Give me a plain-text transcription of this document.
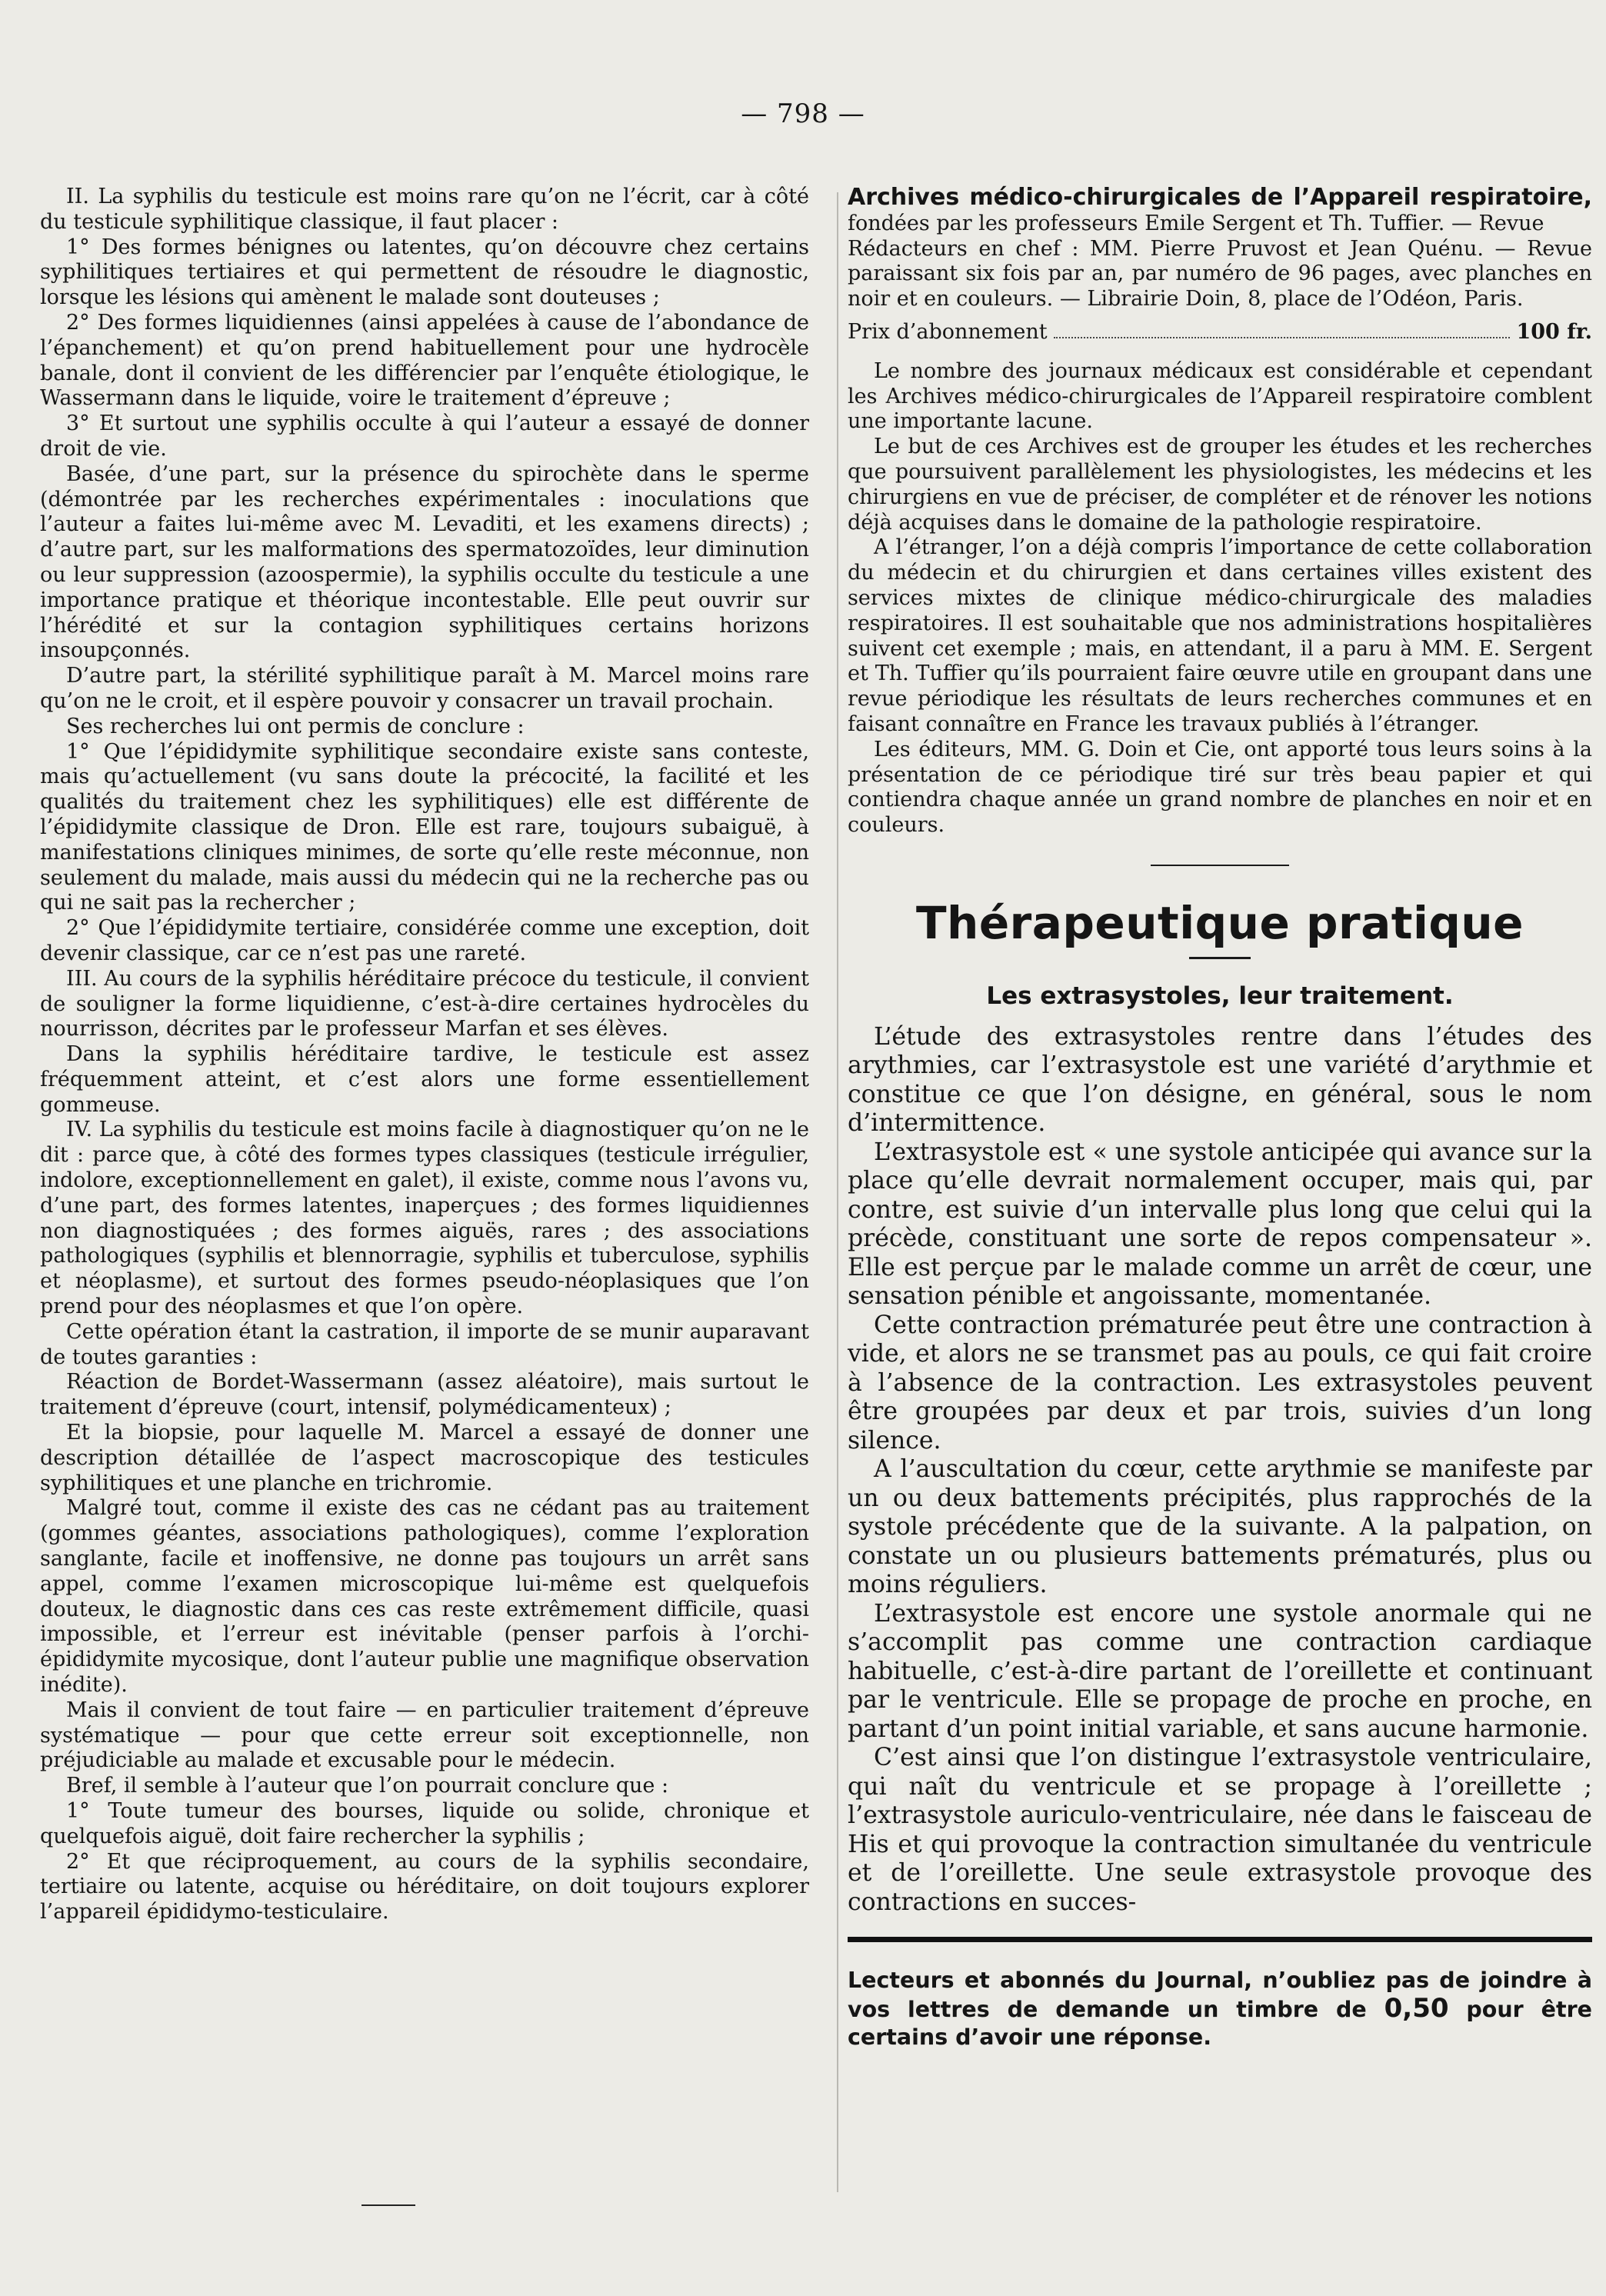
— 798 —

II. La syphilis du testicule est moins rare qu’on ne l’écrit, car à côté du testicule syphilitique classique, il faut placer :

1° Des formes bénignes ou latentes, qu’on découvre chez certains syphilitiques tertiaires et qui permettent de résoudre le diagnostic, lorsque les lésions qui amènent le malade sont douteuses ;

2° Des formes liquidiennes (ainsi appelées à cause de l’abondance de l’épanchement) et qu’on prend habituellement pour une hydrocèle banale, dont il convient de les différencier par l’enquête étiologique, le Wassermann dans le liquide, voire le traitement d’épreuve ;

3° Et surtout une syphilis occulte à qui l’auteur a essayé de donner droit de vie.

Basée, d’une part, sur la présence du spirochète dans le sperme (démontrée par les recherches expérimentales : inoculations que l’auteur a faites lui-même avec M. Levaditi, et les examens directs) ; d’autre part, sur les malformations des spermatozoïdes, leur diminution ou leur suppression (azoospermie), la syphilis occulte du testicule a une importance pratique et théorique incontestable. Elle peut ouvrir sur l’hérédité et sur la contagion syphilitiques certains horizons insoupçonnés.

D’autre part, la stérilité syphilitique paraît à M. Marcel moins rare qu’on ne le croit, et il espère pouvoir y consacrer un travail prochain.

Ses recherches lui ont permis de conclure :

1° Que l’épididymite syphilitique secondaire existe sans conteste, mais qu’actuellement (vu sans doute la précocité, la facilité et les qualités du traitement chez les syphilitiques) elle est différente de l’épididymite classique de Dron. Elle est rare, toujours subaiguë, à manifestations cliniques minimes, de sorte qu’elle reste méconnue, non seulement du malade, mais aussi du médecin qui ne la recherche pas ou qui ne sait pas la rechercher ;

2° Que l’épididymite tertiaire, considérée comme une exception, doit devenir classique, car ce n’est pas une rareté.

III. Au cours de la syphilis héréditaire précoce du testicule, il convient de souligner la forme liquidienne, c’est-à-dire certaines hydrocèles du nourrisson, décrites par le professeur Marfan et ses élèves.

Dans la syphilis héréditaire tardive, le testicule est assez fréquemment atteint, et c’est alors une forme essentiellement gommeuse.

IV. La syphilis du testicule est moins facile à diagnostiquer qu’on ne le dit : parce que, à côté des formes types classiques (testicule irrégulier, indolore, exceptionnellement en galet), il existe, comme nous l’avons vu, d’une part, des formes latentes, inaperçues ; des formes liquidiennes non diagnostiquées ; des formes aiguës, rares ; des associations pathologiques (syphilis et blennorragie, syphilis et tuberculose, syphilis et néoplasme), et surtout des formes pseudo-néoplasiques que l’on prend pour des néoplasmes et que l’on opère.

Cette opération étant la castration, il importe de se munir auparavant de toutes garanties :

Réaction de Bordet-Wassermann (assez aléatoire), mais surtout le traitement d’épreuve (court, intensif, polymédicamenteux) ;

Et la biopsie, pour laquelle M. Marcel a essayé de donner une description détaillée de l’aspect macroscopique des testicules syphilitiques et une planche en trichromie.

Malgré tout, comme il existe des cas ne cédant pas au traitement (gommes géantes, associations pathologiques), comme l’exploration sanglante, facile et inoffensive, ne donne pas toujours un arrêt sans appel, comme l’examen microscopique lui-même est quelquefois douteux, le diagnostic dans ces cas reste extrêmement difficile, quasi impossible, et l’erreur est inévitable (penser parfois à l’orchi-épididymite mycosique, dont l’auteur publie une magnifique observation inédite).

Mais il convient de tout faire — en particulier traitement d’épreuve systématique — pour que cette erreur soit exceptionnelle, non préjudiciable au malade et excusable pour le médecin.

Bref, il semble à l’auteur que l’on pourrait conclure que :

1° Toute tumeur des bourses, liquide ou solide, chronique et quelquefois aiguë, doit faire rechercher la syphilis ;

2° Et que réciproquement, au cours de la syphilis secondaire, tertiaire ou latente, acquise ou héréditaire, on doit toujours explorer l’appareil épididymo-testiculaire.

Archives médico-chirurgicales de l’Appareil respiratoire, fondées par les professeurs Emile Sergent et Th. Tuffier. — Revue

Rédacteurs en chef : MM. Pierre Pruvost et Jean Quénu. — Revue paraissant six fois par an, par numéro de 96 pages, avec planches en noir et en couleurs. — Librairie Doin, 8, place de l’Odéon, Paris.

Prix d’abonnement	100 fr.

Le nombre des journaux médicaux est considérable et cependant les Archives médico-chirurgicales de l’Appareil respiratoire comblent une importante lacune.

Le but de ces Archives est de grouper les études et les recherches que poursuivent parallèlement les physiologistes, les médecins et les chirurgiens en vue de préciser, de compléter et de rénover les notions déjà acquises dans le domaine de la pathologie respiratoire.

A l’étranger, l’on a déjà compris l’importance de cette collaboration du médecin et du chirurgien et dans certaines villes existent des services mixtes de clinique médico-chirurgicale des maladies respiratoires. Il est souhaitable que nos administrations hospitalières suivent cet exemple ; mais, en attendant, il a paru à MM. E. Sergent et Th. Tuffier qu’ils pourraient faire œuvre utile en groupant dans une revue périodique les résultats de leurs recherches communes et en faisant connaître en France les travaux publiés à l’étranger.

Les éditeurs, MM. G. Doin et Cie, ont apporté tous leurs soins à la présentation de ce périodique tiré sur très beau papier et qui contiendra chaque année un grand nombre de planches en noir et en couleurs.

Thérapeutique pratique
Les extrasystoles, leur traitement.

L’étude des extrasystoles rentre dans l’études des arythmies, car l’extrasystole est une variété d’arythmie et constitue ce que l’on désigne, en général, sous le nom d’intermittence.

L’extrasystole est « une systole anticipée qui avance sur la place qu’elle devrait normalement occuper, mais qui, par contre, est suivie d’un intervalle plus long que celui qui la précède, constituant une sorte de repos compensateur ». Elle est perçue par le malade comme un arrêt de cœur, une sensation pénible et angoissante, momentanée.

Cette contraction prématurée peut être une contraction à vide, et alors ne se transmet pas au pouls, ce qui fait croire à l’absence de la contraction. Les extrasystoles peuvent être groupées par deux et par trois, suivies d’un long silence.

A l’auscultation du cœur, cette arythmie se manifeste par un ou deux battements précipités, plus rapprochés de la systole précédente que de la suivante. A la palpation, on constate un ou plusieurs battements prématurés, plus ou moins réguliers.

L’extrasystole est encore une systole anormale qui ne s’accomplit pas comme une contraction cardiaque habituelle, c’est-à-dire partant de l’oreillette et continuant par le ventricule. Elle se propage de proche en proche, en partant d’un point initial variable, et sans aucune harmonie.

C’est ainsi que l’on distingue l’extrasystole ventriculaire, qui naît du ventricule et se propage à l’oreillette ; l’extrasystole auriculo-ventriculaire, née dans le faisceau de His et qui provoque la contraction simultanée du ventricule et de l’oreillette. Une seule extrasystole provoque des contractions en succes-

Lecteurs et abonnés du Journal, n’oubliez pas de joindre à vos lettres de demande un timbre de 0,50 pour être certains d’avoir une réponse.
